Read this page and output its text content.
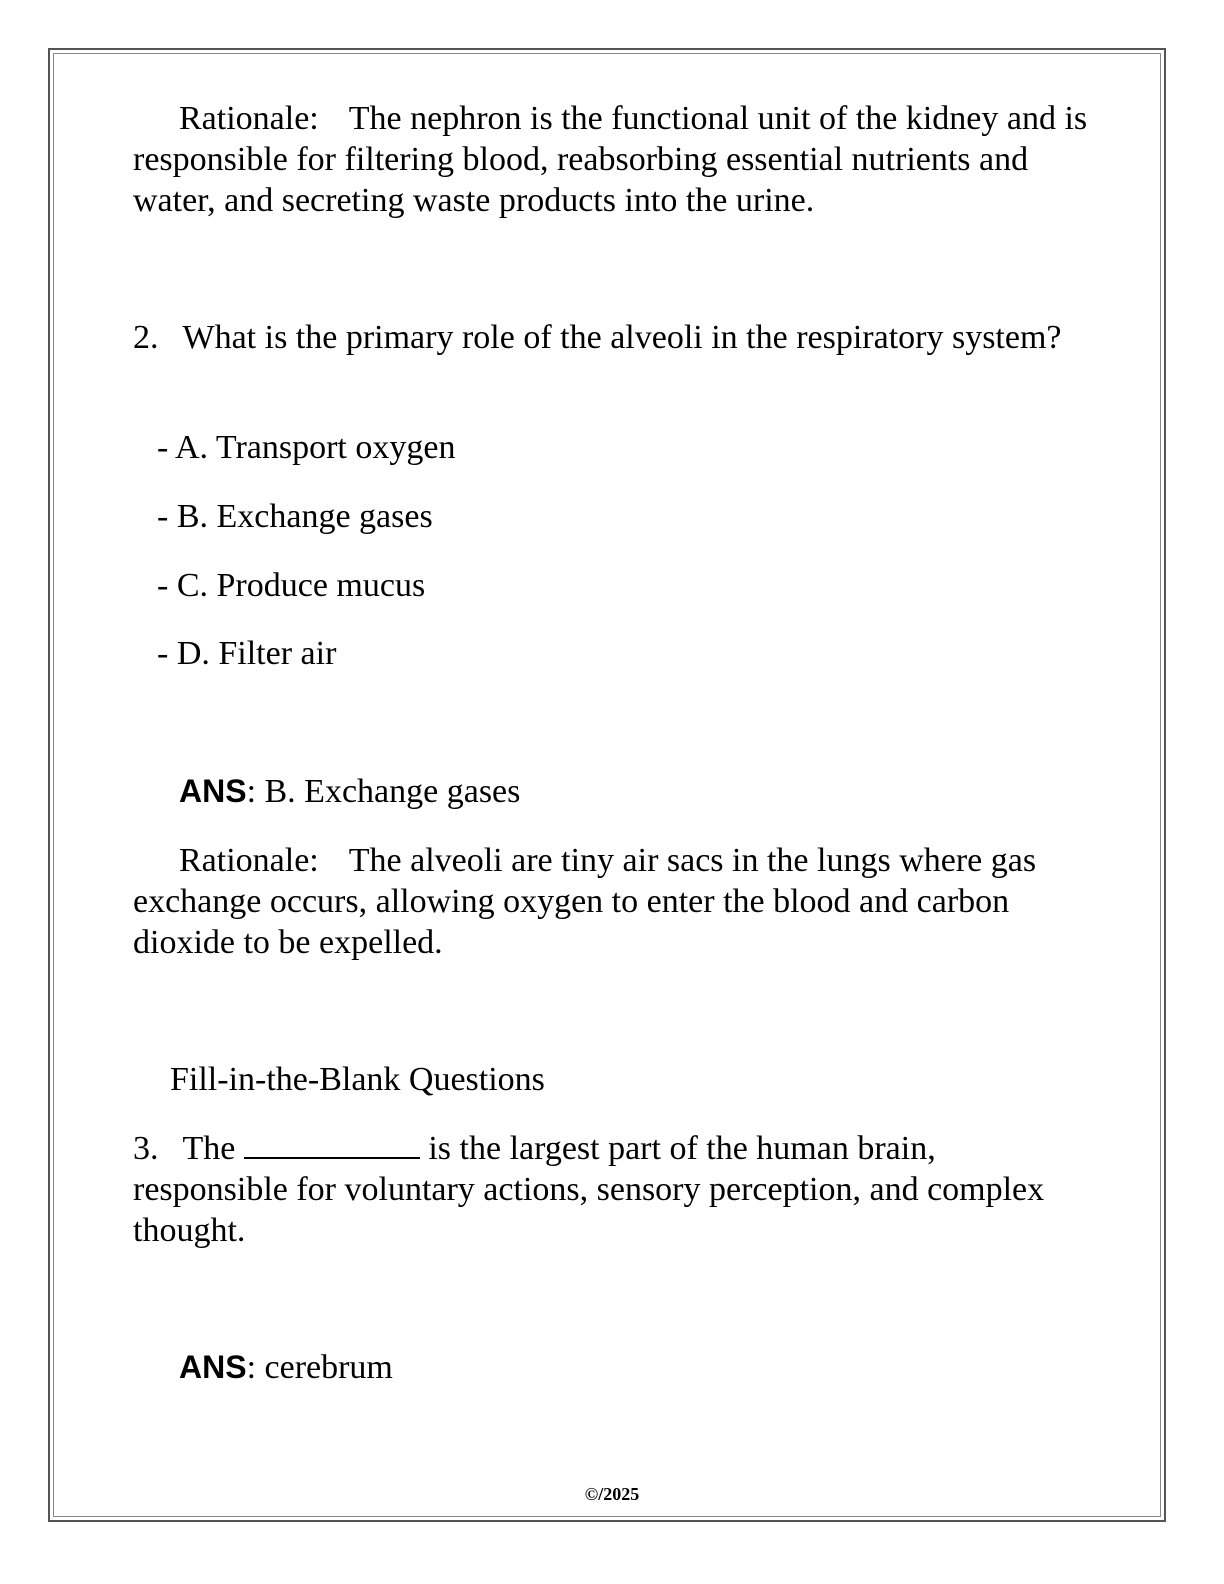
Rationale: The nephron is the functional unit of the kidney and is responsible for filtering blood, reabsorbing essential nutrients and water, and secreting waste products into the urine.
2. What is the primary role of the alveoli in the respiratory system?
- A. Transport oxygen
- B. Exchange gases
- C. Produce mucus
- D. Filter air
ANS: B. Exchange gases
Rationale: The alveoli are tiny air sacs in the lungs where gas exchange occurs, allowing oxygen to enter the blood and carbon dioxide to be expelled.
Fill-in-the-Blank Questions
3. The	is the largest part of the human brain, responsible for voluntary actions, sensory perception, and complex thought.
ANS: cerebrum
©/2025
